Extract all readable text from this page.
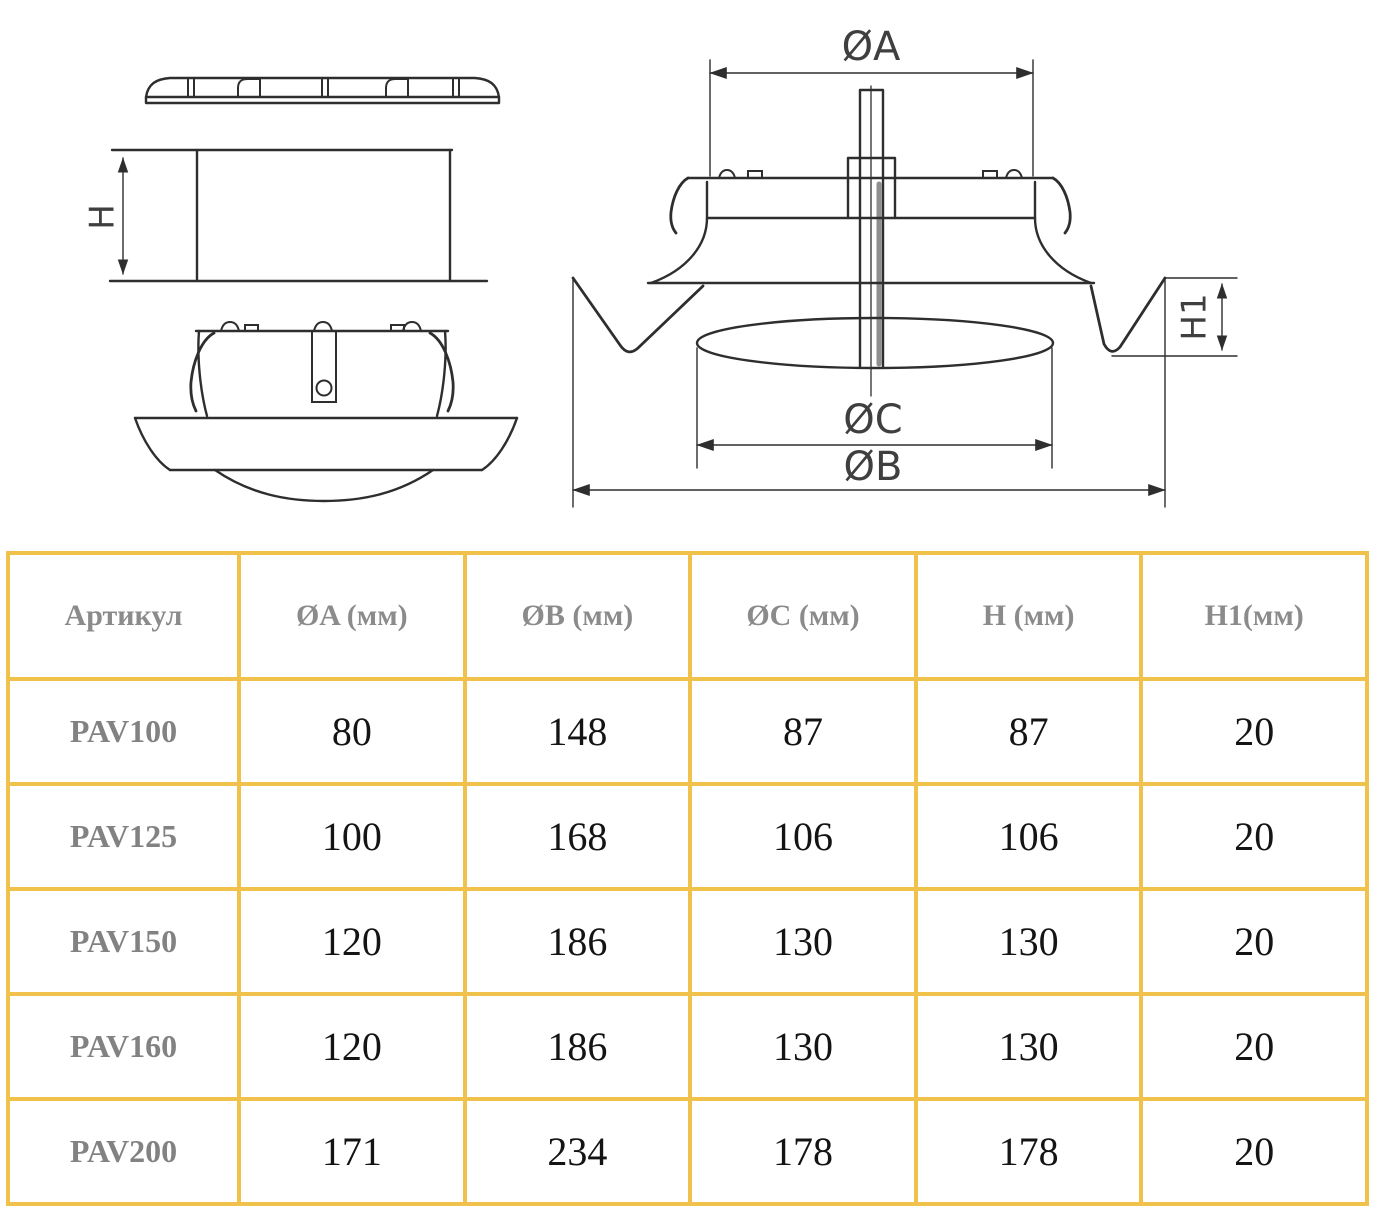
H
ØA
ØC
ØB
H1
Артикул	ØA (мм)	ØB (мм)	ØC (мм)	H (мм)	H1(мм)
PAV100	80	148	87	87	20
PAV125	100	168	106	106	20
PAV150	120	186	130	130	20
PAV160	120	186	130	130	20
PAV200	171	234	178	178	20
